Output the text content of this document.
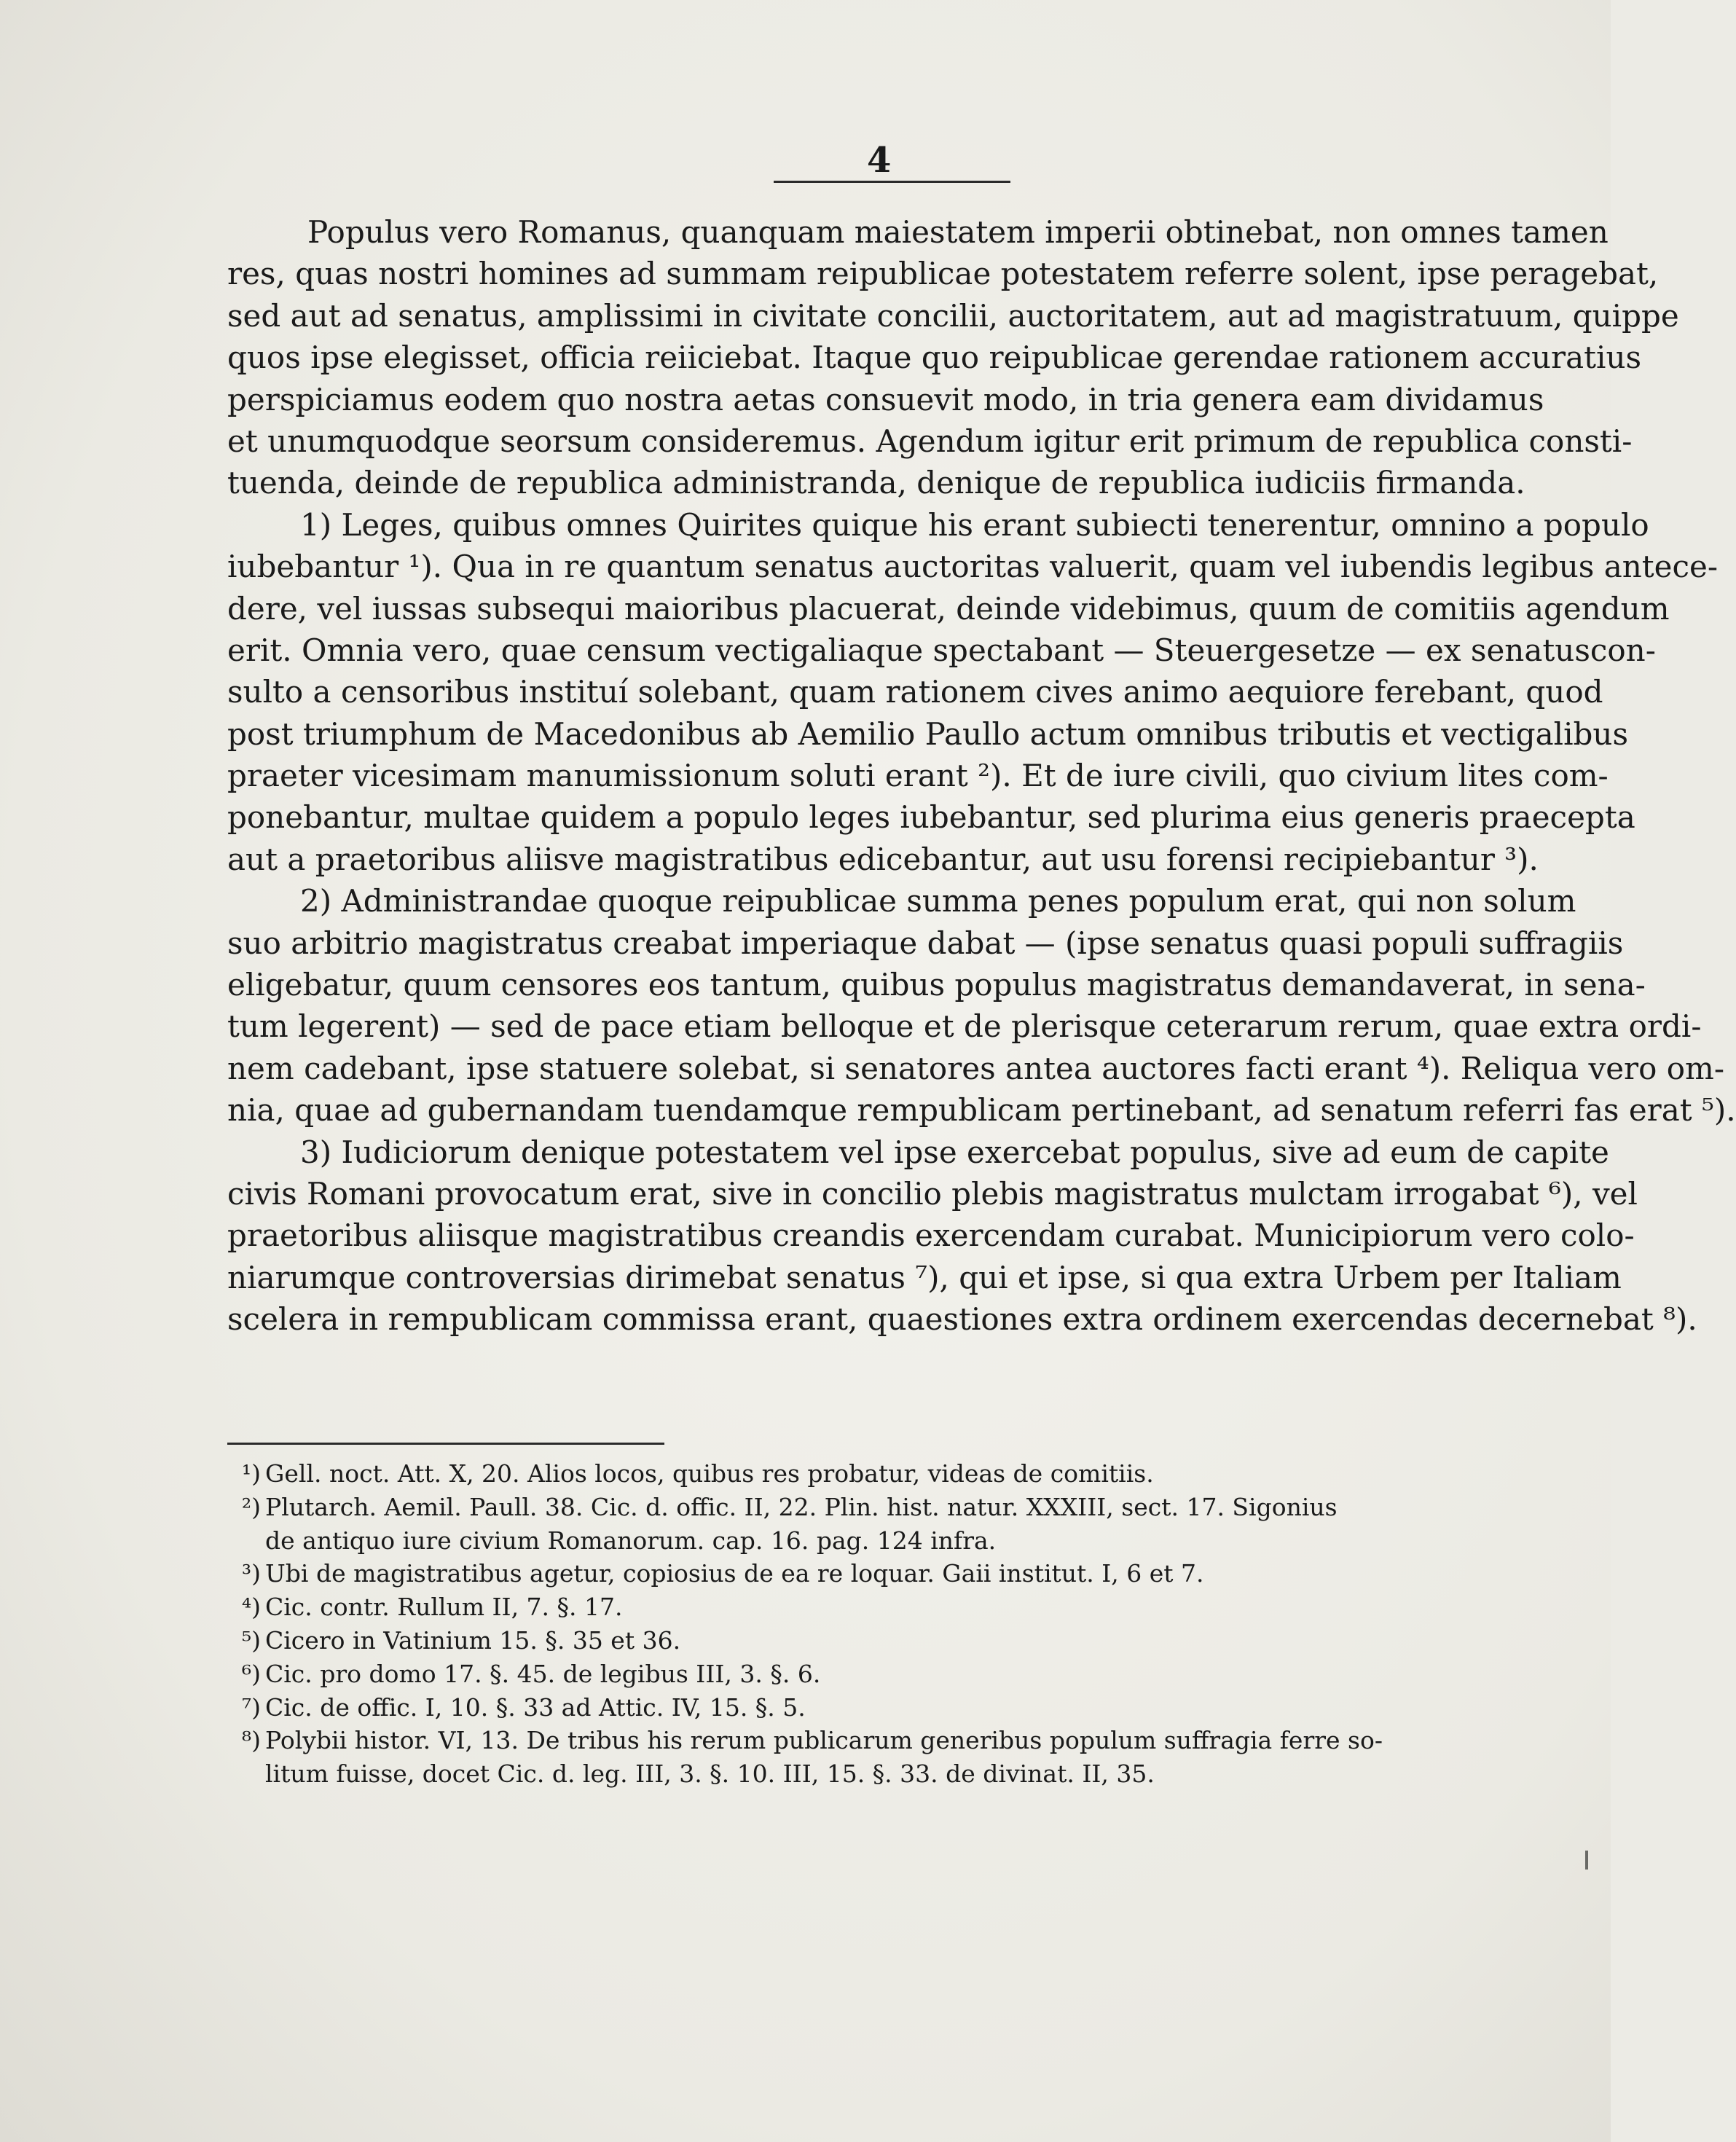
4
Populus vero Romanus, quanquam maiestatem imperii obtinebat, non omnes tamen
res, quas nostri homines ad summam reipublicae potestatem referre solent, ipse peragebat,
sed aut ad senatus, amplissimi in civitate concilii, auctoritatem, aut ad magistratuum, quippe
quos ipse elegisset, officia reiiciebat. Itaque quo reipublicae gerendae rationem accuratius
perspiciamus eodem quo nostra aetas consuevit modo, in tria genera eam dividamus
et unumquodque seorsum consideremus. Agendum igitur erit primum de republica consti-
tuenda, deinde de republica administranda, denique de republica iudiciis firmanda.
1) Leges, quibus omnes Quirites quique his erant subiecti tenerentur, omnino a populo
iubebantur ¹). Qua in re quantum senatus auctoritas valuerit, quam vel iubendis legibus antece-
dere, vel iussas subsequi maioribus placuerat, deinde videbimus, quum de comitiis agendum
erit. Omnia vero, quae censum vectigaliaque spectabant — Steuergesetze — ex senatuscon-
sulto a censoribus instituí solebant, quam rationem cives animo aequiore ferebant, quod
post triumphum de Macedonibus ab Aemilio Paullo actum omnibus tributis et vectigalibus
praeter vicesimam manumissionum soluti erant ²). Et de iure civili, quo civium lites com-
ponebantur, multae quidem a populo leges iubebantur, sed plurima eius generis praecepta
aut a praetoribus aliisve magistratibus edicebantur, aut usu forensi recipiebantur ³).
2) Administrandae quoque reipublicae summa penes populum erat, qui non solum
suo arbitrio magistratus creabat imperiaque dabat — (ipse senatus quasi populi suffragiis
eligebatur, quum censores eos tantum, quibus populus magistratus demandaverat, in sena-
tum legerent) — sed de pace etiam belloque et de plerisque ceterarum rerum, quae extra ordi-
nem cadebant, ipse statuere solebat, si senatores antea auctores facti erant ⁴). Reliqua vero om-
nia, quae ad gubernandam tuendamque rempublicam pertinebant, ad senatum referri fas erat ⁵).
3) Iudiciorum denique potestatem vel ipse exercebat populus, sive ad eum de capite
civis Romani provocatum erat, sive in concilio plebis magistratus mulctam irrogabat ⁶), vel
praetoribus aliisque magistratibus creandis exercendam curabat. Municipiorum vero colo-
niarumque controversias dirimebat senatus ⁷), qui et ipse, si qua extra Urbem per Italiam
scelera in rempublicam commissa erant, quaestiones extra ordinem exercendas decernebat ⁸).
¹) Gell. noct. Att. X, 20. Alios locos, quibus res probatur, videas de comitiis.
²) Plutarch. Aemil. Paull. 38. Cic. d. offic. II, 22. Plin. hist. natur. XXXIII, sect. 17. Sigonius
de antiquo iure civium Romanorum. cap. 16. pag. 124 infra.
³) Ubi de magistratibus agetur, copiosius de ea re loquar. Gaii institut. I, 6 et 7.
⁴) Cic. contr. Rullum II, 7. §. 17.
⁵) Cicero in Vatinium 15. §. 35 et 36.
⁶) Cic. pro domo 17. §. 45. de legibus III, 3. §. 6.
⁷) Cic. de offic. I, 10. §. 33 ad Attic. IV, 15. §. 5.
⁸) Polybii histor. VI, 13. De tribus his rerum publicarum generibus populum suffragia ferre so-
litum fuisse, docet Cic. d. leg. III, 3. §. 10. III, 15. §. 33. de divinat. II, 35.
